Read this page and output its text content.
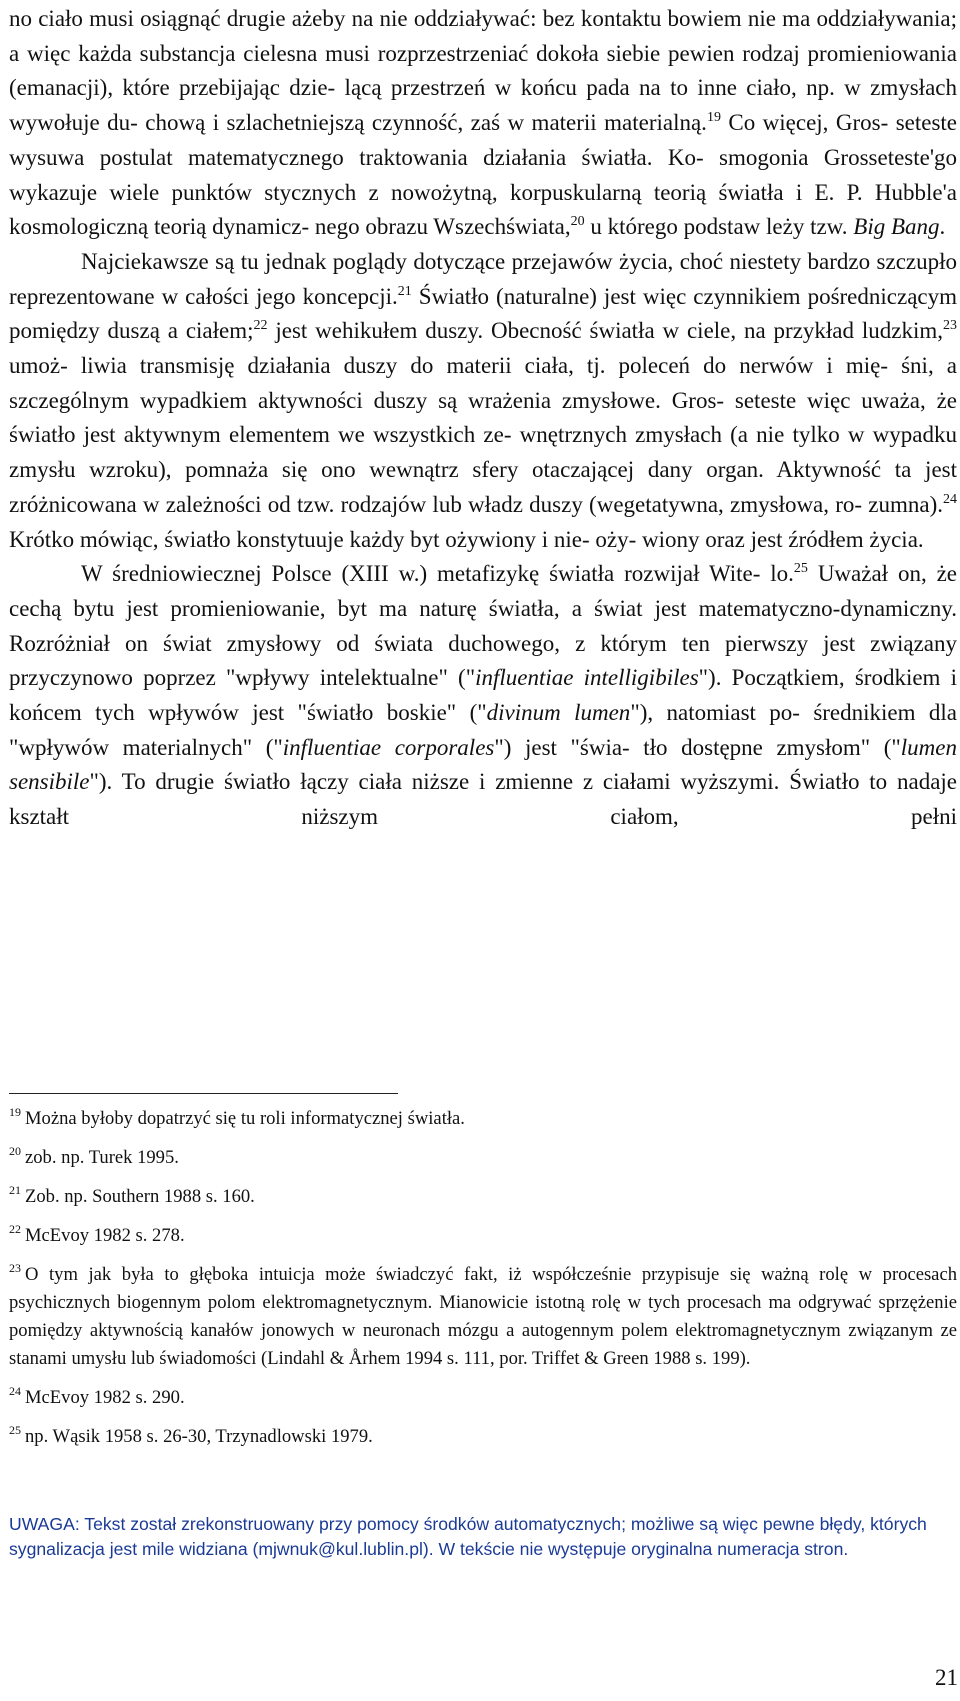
no ciało musi osiągnąć drugie ażeby na nie oddziaływać: bez kontaktu bowiem nie ma oddziaływania; a więc każda substancja cielesna musi rozprzestrzeniać dokoła siebie pewien rodzaj promieniowania (emanacji), które przebijając dzie- lącą przestrzeń w końcu pada na to inne ciało, np. w zmysłach wywołuje du- chową i szlachetniejszą czynność, zaś w materii materialną.$^{19}$ Co więcej, Gros- seteste wysuwa postulat matematycznego traktowania działania światła. Ko- smogonia Grosseteste'go wykazuje wiele punktów stycznych z nowożytną, korpuskularną teorią światła i E. P. Hubble'a kosmologiczną teorią dynamicz- nego obrazu Wszechświata,$^{20}$ u którego podstaw leży tzw. Big Bang.

Najciekawsze są tu jednak poglądy dotyczące przejawów życia, choć niestety bardzo szczupło reprezentowane w całości jego koncepcji.$^{21}$ Światło (naturalne) jest więc czynnikiem pośredniczącym pomiędzy duszą a ciałem;$^{22}$ jest wehikułem duszy. Obecność światła w ciele, na przykład ludzkim,$^{23}$ umoż- liwia transmisję działania duszy do materii ciała, tj. poleceń do nerwów i mię- śni, a szczególnym wypadkiem aktywności duszy są wrażenia zmysłowe. Gros- seteste więc uważa, że światło jest aktywnym elementem we wszystkich ze- wnętrznych zmysłach (a nie tylko w wypadku zmysłu wzroku), pomnaża się ono wewnątrz sfery otaczającej dany organ. Aktywność ta jest zróżnicowana w zależności od tzw. rodzajów lub władz duszy (wegetatywna, zmysłowa, ro- zumna).$^{24}$ Krótko mówiąc, światło konstytuuje każdy byt ożywiony i nie- oży- wiony oraz jest źródłem życia.

W średniowiecznej Polsce (XIII w.) metafizykę światła rozwijał Wite- lo.$^{25}$ Uważał on, że cechą bytu jest promieniowanie, byt ma naturę światła, a świat jest matematyczno-dynamiczny. Rozróżniał on świat zmysłowy od świata duchowego, z którym ten pierwszy jest związany przyczynowo poprzez "wpływy intelektualne" ("influentiae intelligibiles"). Początkiem, środkiem i końcem tych wpływów jest "światło boskie" ("divinum lumen"), natomiast po- średnikiem dla "wpływów materialnych" ("influentiae corporales") jest "świa- tło dostępne zmysłom" ("lumen sensibile"). To drugie światło łączy ciała niższe i zmienne z ciałami wyższymi. Światło to nadaje kształt niższym ciałom, pełni

$^{19}$ Można byłoby dopatrzyć się tu roli informatycznej światła.
$^{20}$ zob. np. Turek 1995.
$^{21}$ Zob. np. Southern 1988 s. 160.
$^{22}$ McEvoy 1982 s. 278.
$^{23}$ O tym jak była to głęboka intuicja może świadczyć fakt, iż współcześnie przypisuje się ważną rolę w procesach psychicznych biogennym polom elektromagnetycznym. Mianowicie istotną rolę w tych procesach ma odgrywać sprzężenie pomiędzy aktywnością kanałów jonowych w neuronach mózgu a autogennym polem elektromagnetycznym związanym ze stanami umysłu lub świadomości (Lindahl & Århem 1994 s. 111, por. Triffet & Green 1988 s. 199).
$^{24}$ McEvoy 1982 s. 290.
$^{25}$ np. Wąsik 1958 s. 26-30, Trzynadlowski 1979.
UWAGA: Tekst został zrekonstruowany przy pomocy środków automatycznych; możliwe są więc pewne błędy, których sygnalizacja jest mile widziana (mjwnuk@kul.lublin.pl). W tekście nie występuje oryginalna numeracja stron.
21
